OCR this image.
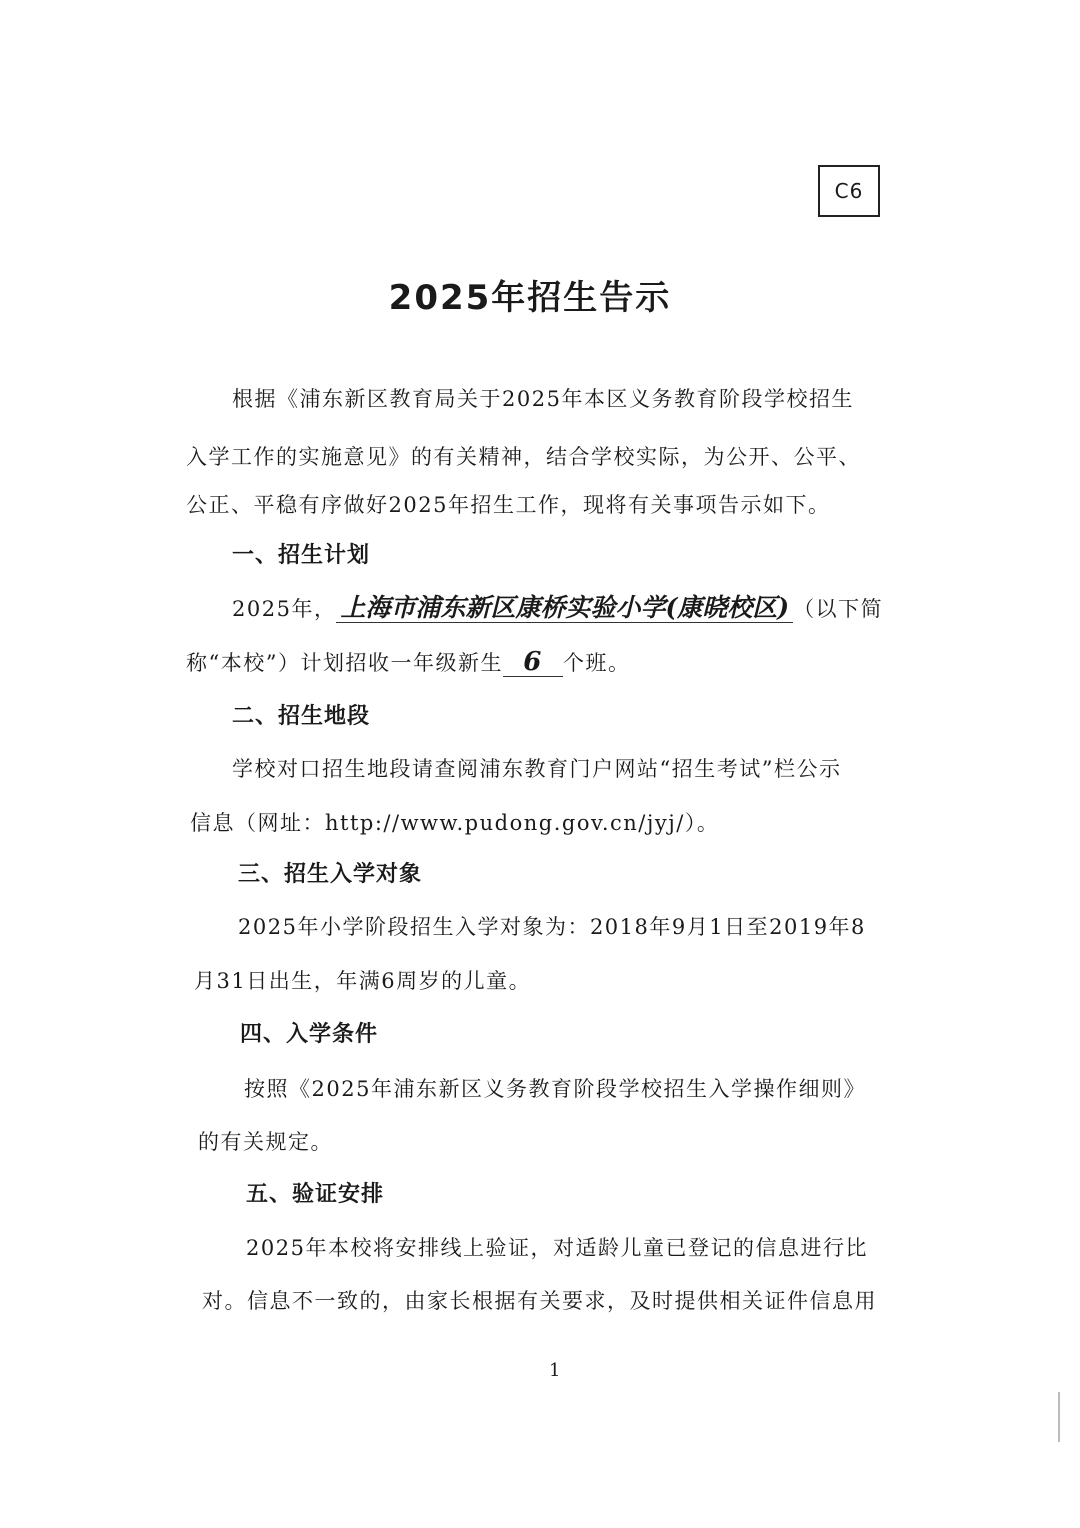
C6
2025年招生告示
根据《浦东新区教育局关于2025年本区义务教育阶段学校招生
入学工作的实施意见》的有关精神，结合学校实际，为公开、公平、
公正、平稳有序做好2025年招生工作，现将有关事项告示如下。
一、招生计划
2025年， 上海市浦东新区康桥实验小学(康晓校区) （以下简
称“本校”）计划招收一年级新生 6 个班。
二、招生地段
学校对口招生地段请查阅浦东教育门户网站“招生考试”栏公示
信息（网址：http://www.pudong.gov.cn/jyj/）。
三、招生入学对象
2025年小学阶段招生入学对象为：2018年9月1日至2019年8
月31日出生，年满6周岁的儿童。
四、入学条件
按照《2025年浦东新区义务教育阶段学校招生入学操作细则》
的有关规定。
五、验证安排
2025年本校将安排线上验证，对适龄儿童已登记的信息进行比
对。信息不一致的，由家长根据有关要求，及时提供相关证件信息用
1
